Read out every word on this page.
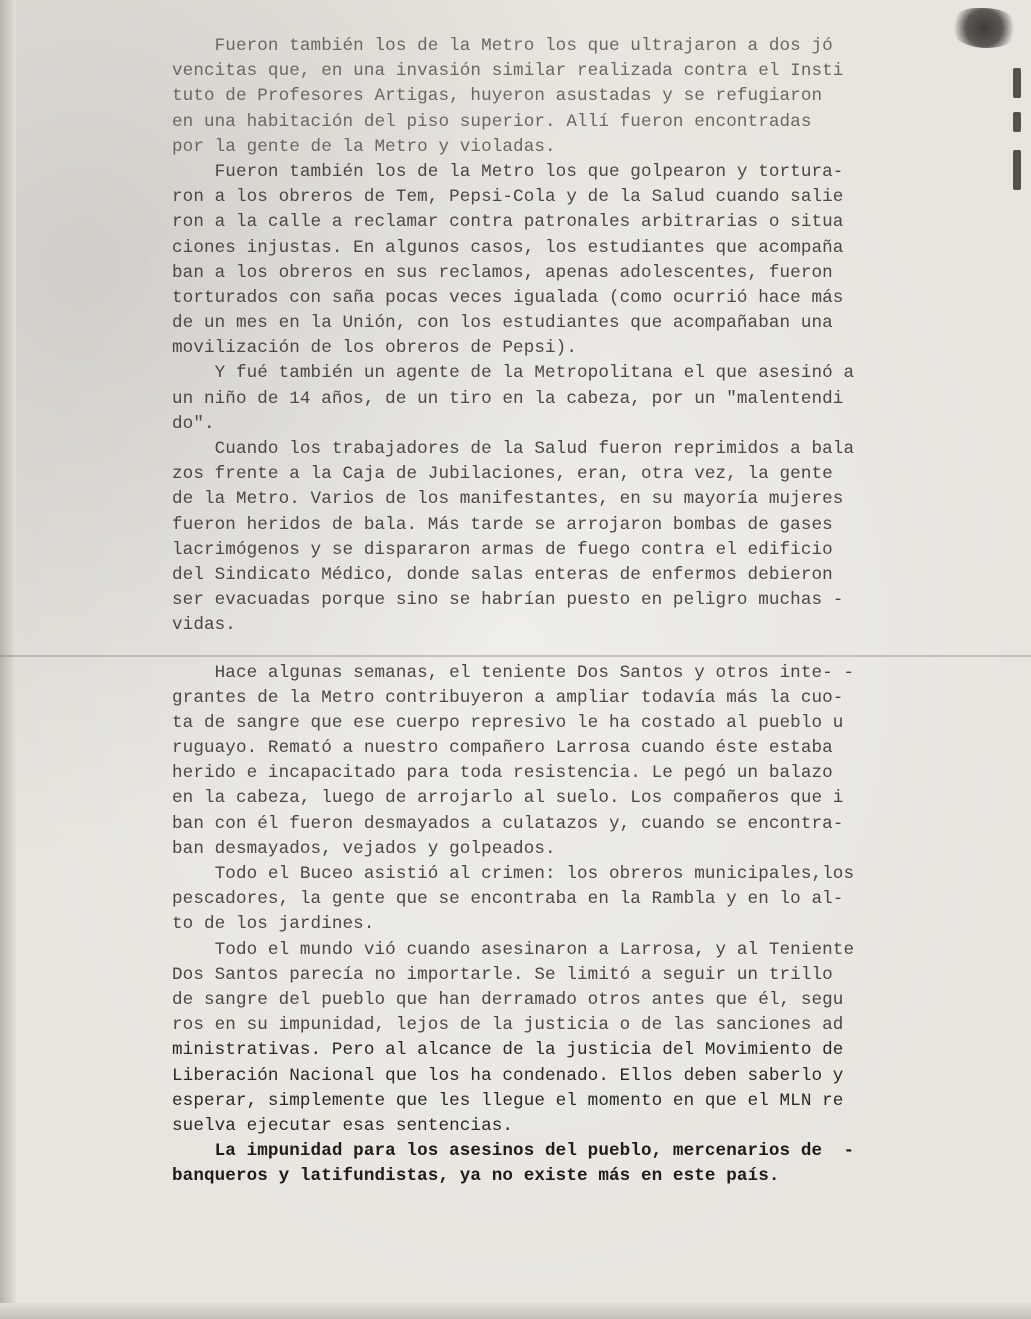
Fueron también los de la Metro los que ultrajaron a dos jó
vencitas que, en una invasión similar realizada contra el Insti
tuto de Profesores Artigas, huyeron asustadas y se refugiaron
en una habitación del piso superior. Allí fueron encontradas
por la gente de la Metro y violadas.
Fueron también los de la Metro los que golpearon y tortura-
ron a los obreros de Tem, Pepsi-Cola y de la Salud cuando salie
ron a la calle a reclamar contra patronales arbitrarias o situa
ciones injustas. En algunos casos, los estudiantes que acompaña
ban a los obreros en sus reclamos, apenas adolescentes, fueron
torturados con saña pocas veces igualada (como ocurrió hace más
de un mes en la Unión, con los estudiantes que acompañaban una
movilización de los obreros de Pepsi).
Y fué también un agente de la Metropolitana el que asesinó a
un niño de 14 años, de un tiro en la cabeza, por un "malentendi
do".
Cuando los trabajadores de la Salud fueron reprimidos a bala
zos frente a la Caja de Jubilaciones, eran, otra vez, la gente
de la Metro. Varios de los manifestantes, en su mayoría mujeres
fueron heridos de bala. Más tarde se arrojaron bombas de gases
lacrimógenos y se dispararon armas de fuego contra el edificio
del Sindicato Médico, donde salas enteras de enfermos debieron
ser evacuadas porque sino se habrían puesto en peligro muchas -
vidas.
Hace algunas semanas, el teniente Dos Santos y otros inte- -
grantes de la Metro contribuyeron a ampliar todavía más la cuo-
ta de sangre que ese cuerpo represivo le ha costado al pueblo u
ruguayo. Remató a nuestro compañero Larrosa cuando éste estaba
herido e incapacitado para toda resistencia. Le pegó un balazo
en la cabeza, luego de arrojarlo al suelo. Los compañeros que i
ban con él fueron desmayados a culatazos y, cuando se encontra-
ban desmayados, vejados y golpeados.
Todo el Buceo asistió al crimen: los obreros municipales,los
pescadores, la gente que se encontraba en la Rambla y en lo al-
to de los jardines.
Todo el mundo vió cuando asesinaron a Larrosa, y al Teniente
Dos Santos parecía no importarle. Se limitó a seguir un trillo
de sangre del pueblo que han derramado otros antes que él, segu
ros en su impunidad, lejos de la justicia o de las sanciones ad
ministrativas. Pero al alcance de la justicia del Movimiento de
Liberación Nacional que los ha condenado. Ellos deben saberlo y
esperar, simplemente que les llegue el momento en que el MLN re
suelva ejecutar esas sentencias.
La impunidad para los asesinos del pueblo, mercenarios de  -
banqueros y latifundistas, ya no existe más en este país.
